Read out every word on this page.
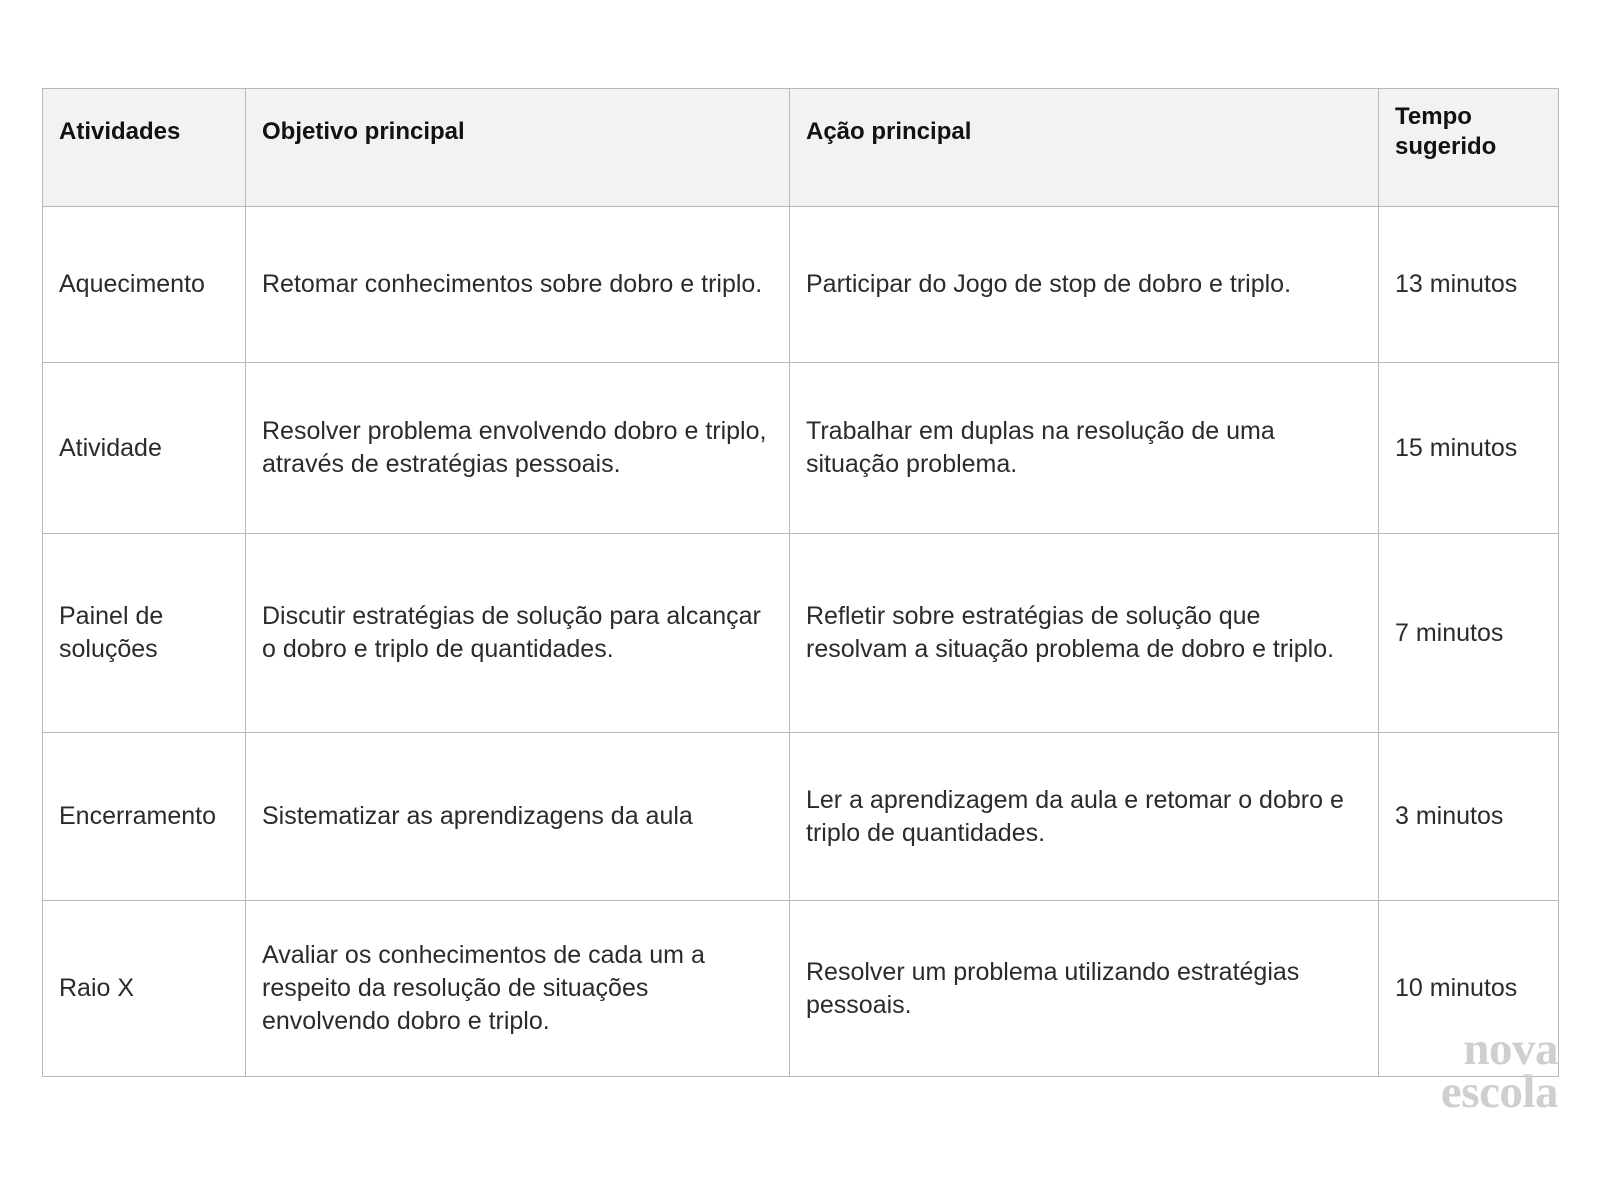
Atividades	Objetivo principal	Ação principal	Tempo
sugerido

Aquecimento	Retomar conhecimentos sobre dobro e triplo.	Participar do Jogo de stop de dobro e triplo.	13 minutos

Atividade	Resolver problema envolvendo dobro e triplo, através de estratégias pessoais.	Trabalhar em duplas na resolução de uma situação problema.	15 minutos

Painel de soluções	Discutir estratégias de solução para alcançar o dobro e triplo de quantidades.	Refletir sobre estratégias de solução que resolvam a situação problema de dobro e triplo.	7 minutos

Encerramento	Sistematizar as aprendizagens da aula	Ler a aprendizagem da aula e retomar o dobro e triplo de quantidades.	3 minutos

Raio X	Avaliar os conhecimentos de cada um a respeito da resolução de situações envolvendo dobro e triplo.	Resolver um problema utilizando estratégias pessoais.	10 minutos
nova
escola
